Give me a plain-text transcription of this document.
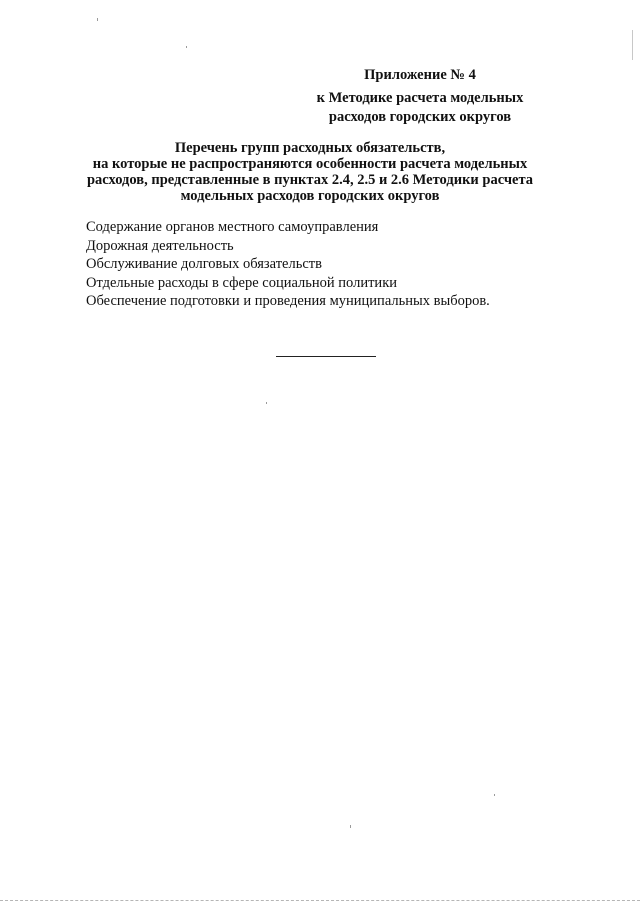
Приложение № 4
к Методике расчета модельных
расходов городских округов
Перечень групп расходных обязательств,
на которые не распространяются особенности расчета модельных
расходов, представленные в пунктах 2.4, 2.5 и 2.6 Методики расчета
модельных расходов городских округов
Содержание органов местного самоуправления
Дорожная деятельность
Обслуживание долговых обязательств
Отдельные расходы в сфере социальной политики
Обеспечение подготовки и проведения муниципальных выборов.
